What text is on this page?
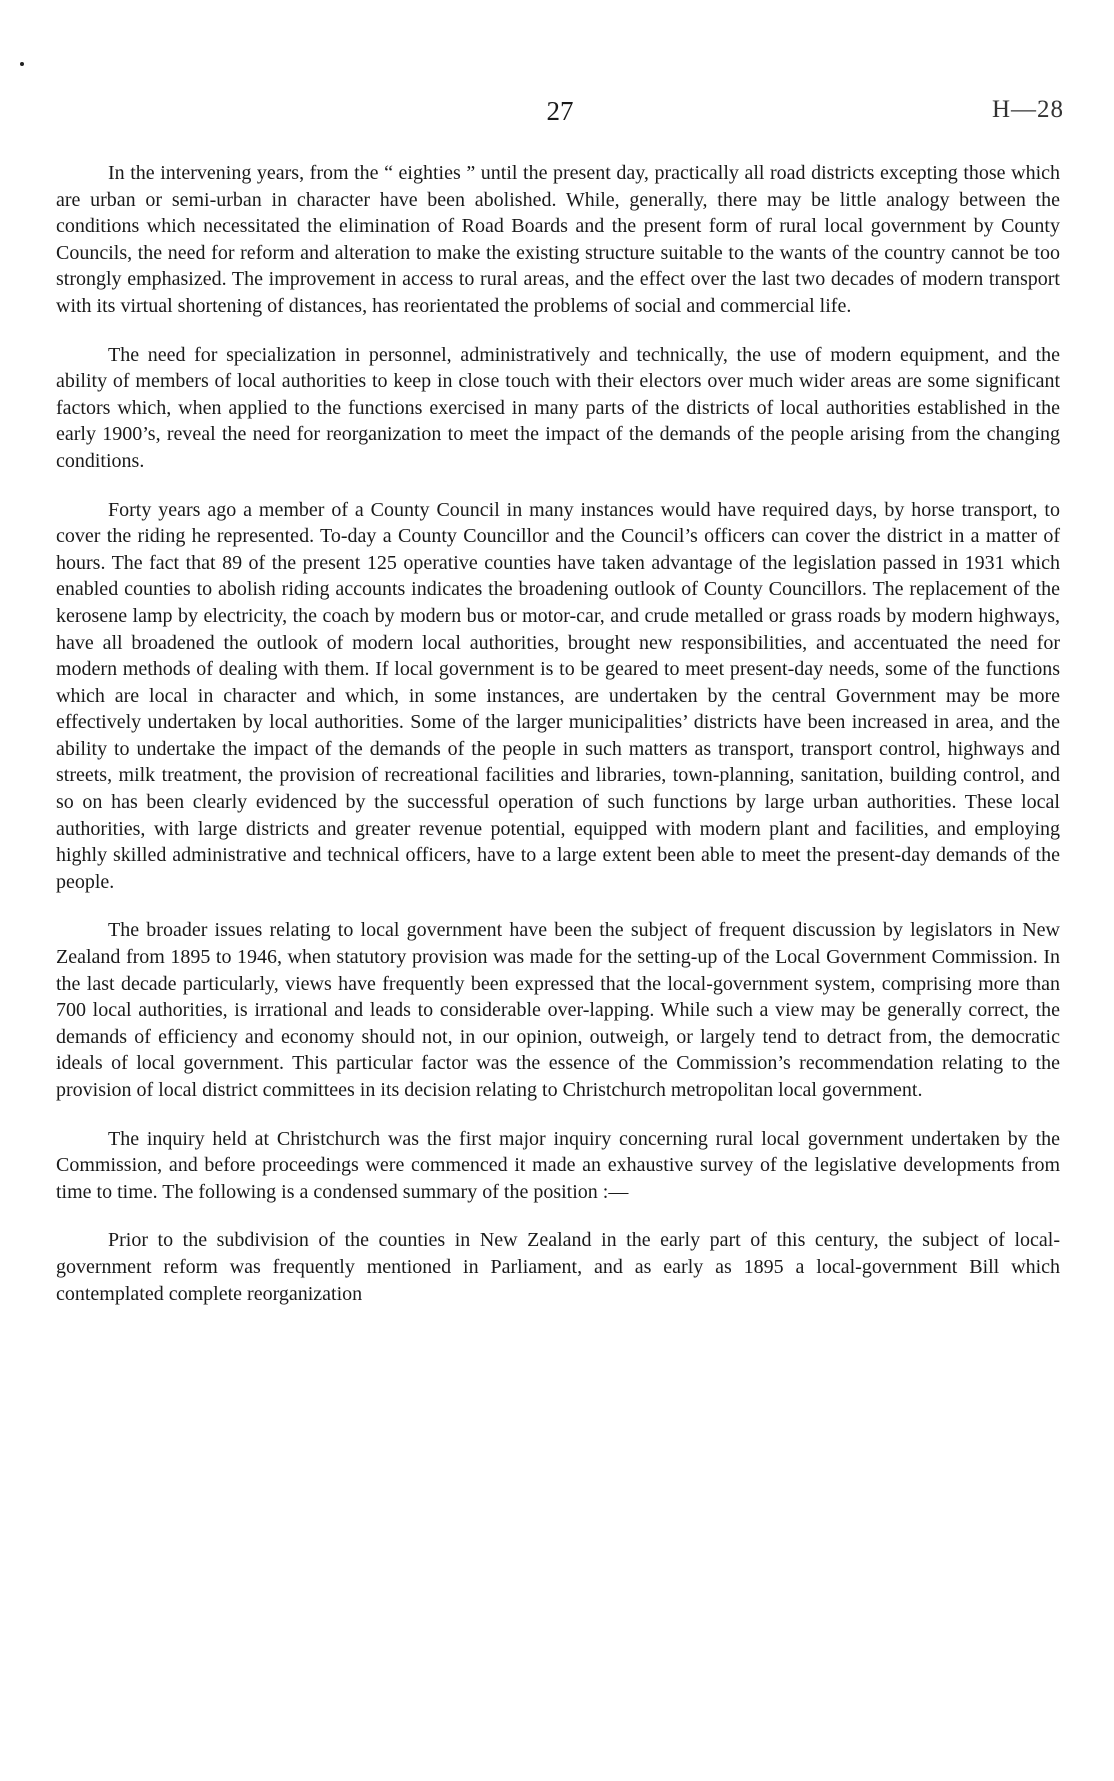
27	H—28

In the intervening years, from the “ eighties ” until the present day, practically all road districts excepting those which are urban or semi-urban in character have been abolished. While, generally, there may be little analogy between the conditions which necessitated the elimination of Road Boards and the present form of rural local government by County Councils, the need for reform and alteration to make the existing structure suitable to the wants of the country cannot be too strongly emphasized. The improvement in access to rural areas, and the effect over the last two decades of modern transport with its virtual shortening of distances, has reorientated the problems of social and commercial life.

The need for specialization in personnel, administratively and technically, the use of modern equipment, and the ability of members of local authorities to keep in close touch with their electors over much wider areas are some significant factors which, when applied to the functions exercised in many parts of the districts of local authorities established in the early 1900’s, reveal the need for reorganization to meet the impact of the demands of the people arising from the changing conditions.

Forty years ago a member of a County Council in many instances would have required days, by horse transport, to cover the riding he represented. To-day a County Councillor and the Council’s officers can cover the district in a matter of hours. The fact that 89 of the present 125 operative counties have taken advantage of the legislation passed in 1931 which enabled counties to abolish riding accounts indicates the broadening outlook of County Councillors. The replacement of the kerosene lamp by electricity, the coach by modern bus or motor-car, and crude metalled or grass roads by modern highways, have all broadened the outlook of modern local authorities, brought new responsibilities, and accentuated the need for modern methods of dealing with them. If local government is to be geared to meet present-day needs, some of the functions which are local in character and which, in some instances, are undertaken by the central Government may be more effectively undertaken by local authorities. Some of the larger municipalities’ districts have been increased in area, and the ability to undertake the impact of the demands of the people in such matters as transport, transport control, highways and streets, milk treatment, the provision of recreational facilities and libraries, town-planning, sanitation, building control, and so on has been clearly evidenced by the successful operation of such functions by large urban authorities. These local authorities, with large districts and greater revenue potential, equipped with modern plant and facilities, and employing highly skilled administrative and technical officers, have to a large extent been able to meet the present-day demands of the people.

The broader issues relating to local government have been the subject of frequent discussion by legislators in New Zealand from 1895 to 1946, when statutory provision was made for the setting-up of the Local Government Commission. In the last decade particularly, views have frequently been expressed that the local-government system, comprising more than 700 local authorities, is irrational and leads to considerable over-lapping. While such a view may be generally correct, the demands of efficiency and economy should not, in our opinion, outweigh, or largely tend to detract from, the democratic ideals of local government. This particular factor was the essence of the Commission’s recommendation relating to the provision of local district committees in its decision relating to Christchurch metropolitan local government.

The inquiry held at Christchurch was the first major inquiry concerning rural local government undertaken by the Commission, and before proceedings were commenced it made an exhaustive survey of the legislative developments from time to time. The following is a condensed summary of the position :—

Prior to the subdivision of the counties in New Zealand in the early part of this century, the subject of local-government reform was frequently mentioned in Parliament, and as early as 1895 a local-government Bill which contemplated complete reorganization
